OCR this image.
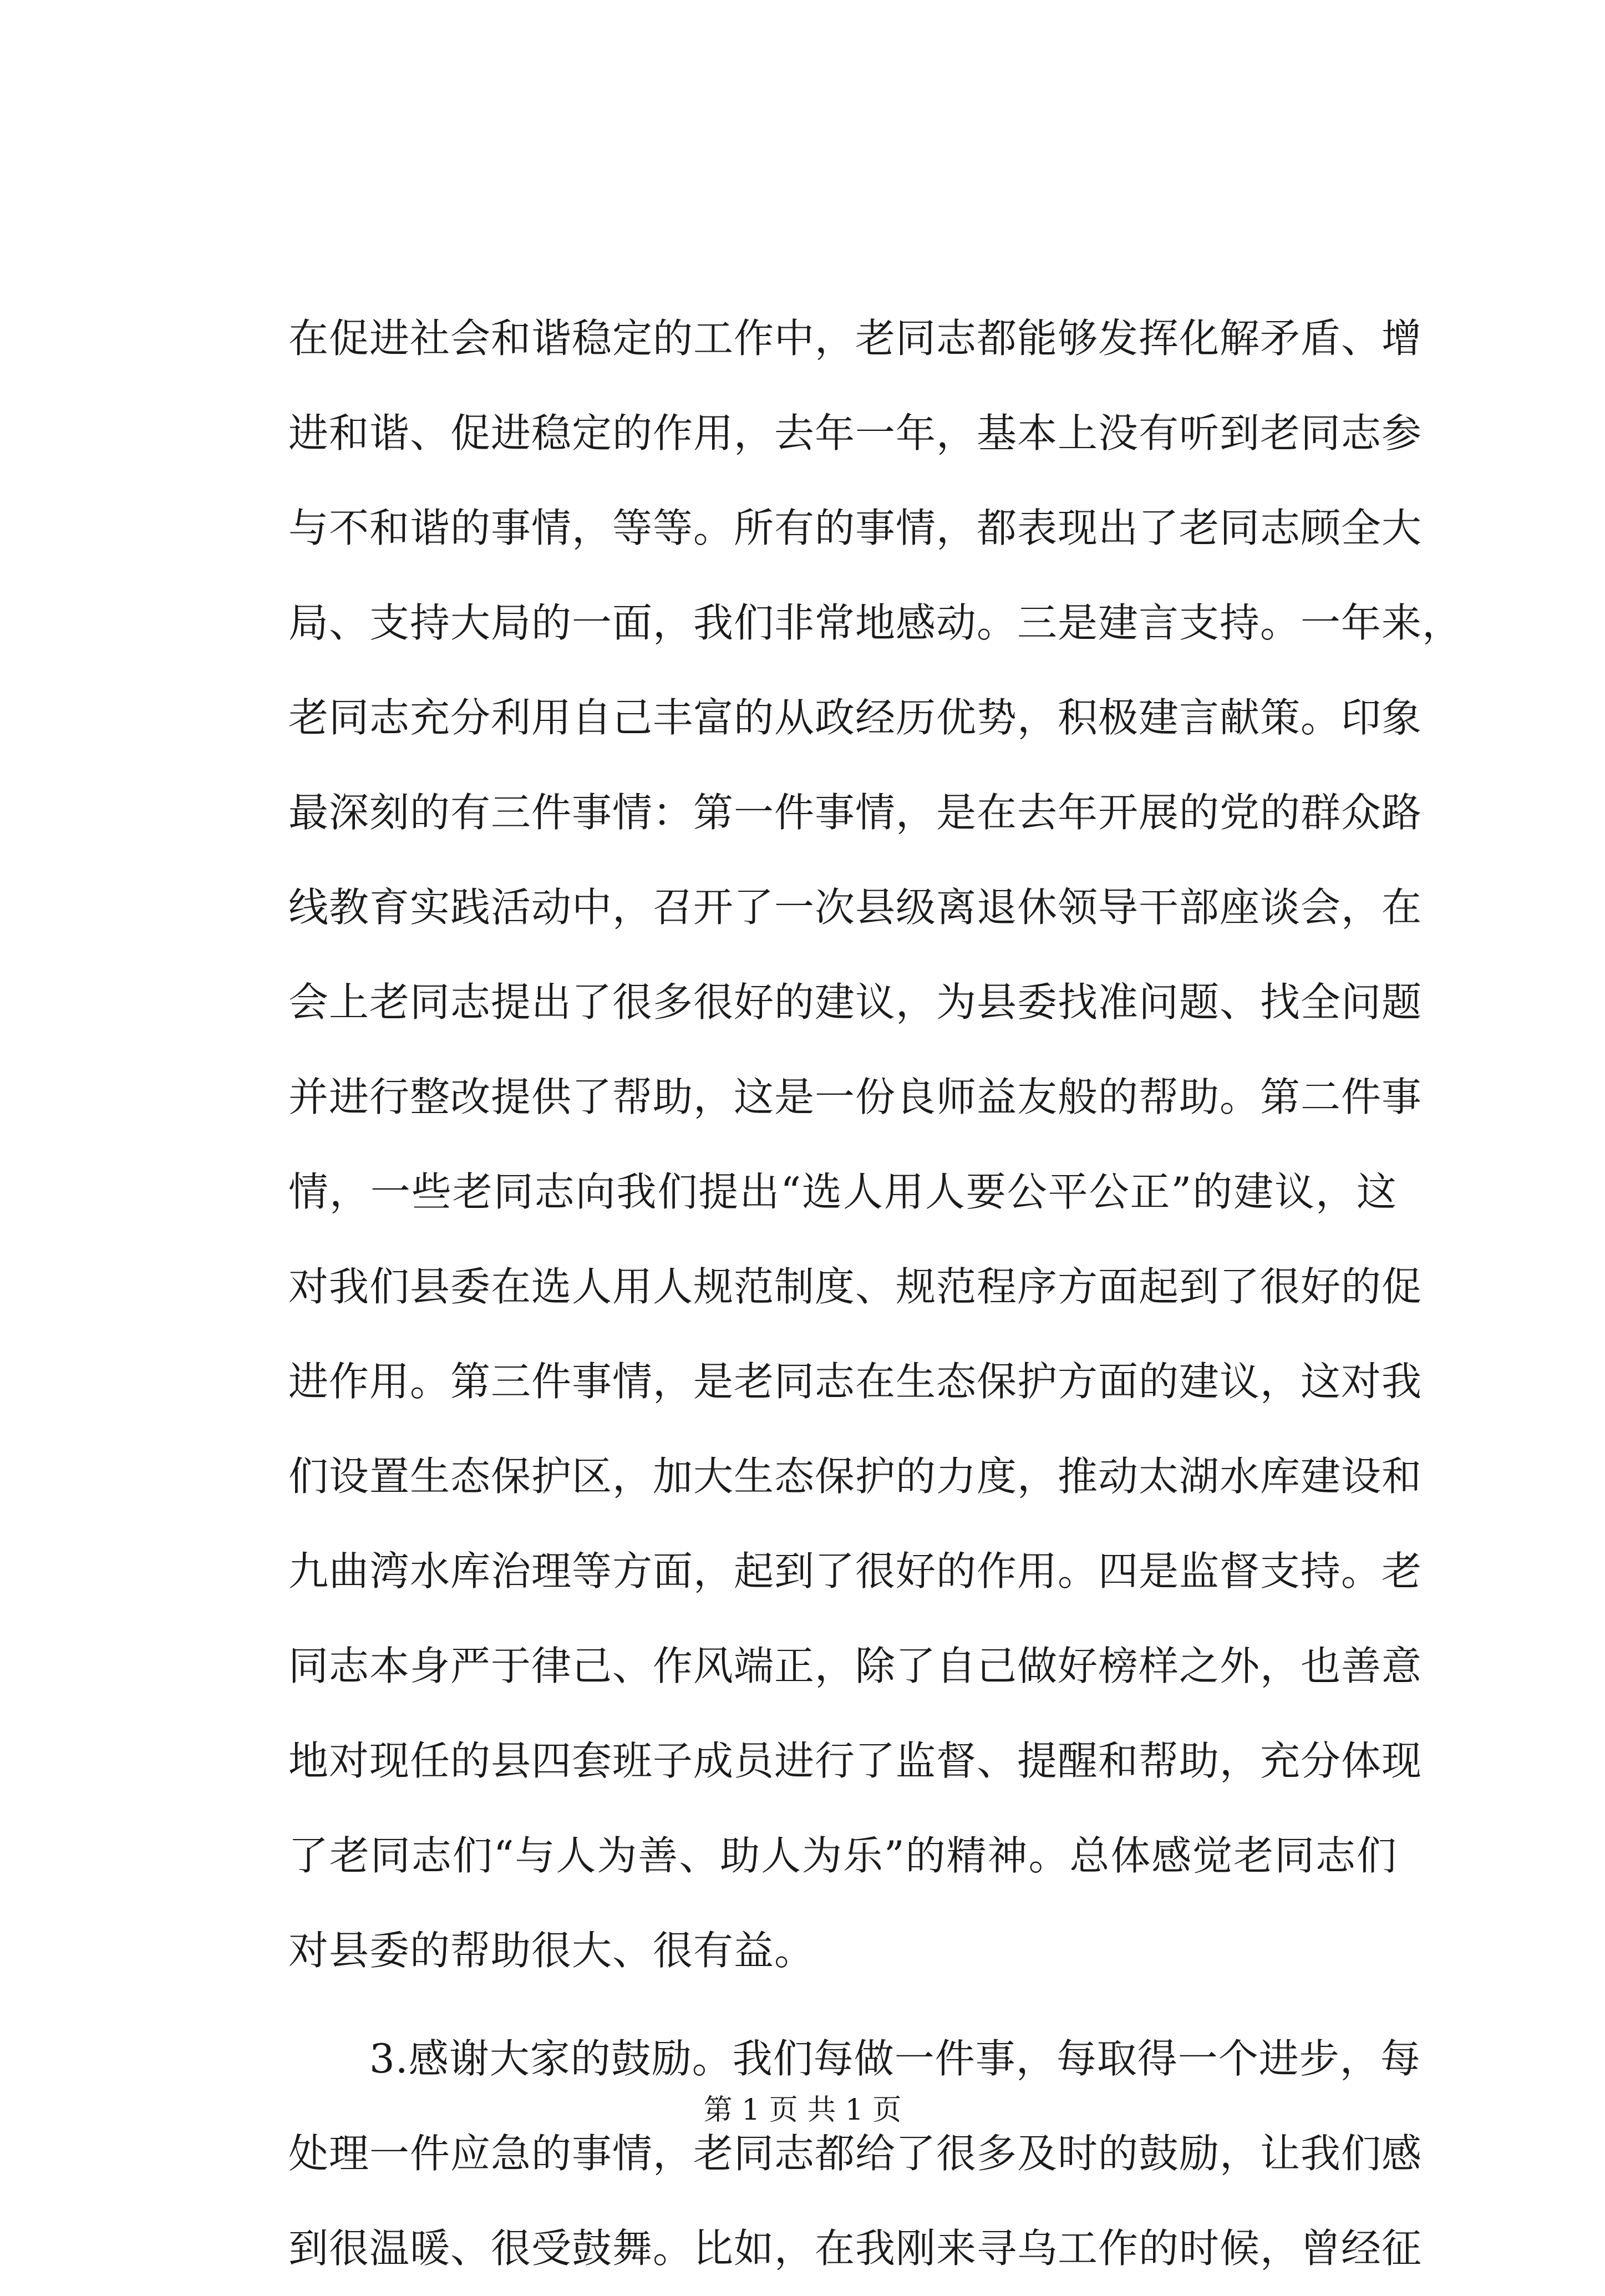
在促进社会和谐稳定的工作中，老同志都能够发挥化解矛盾、增
进和谐、促进稳定的作用，去年一年，基本上没有听到老同志参
与不和谐的事情，等等。所有的事情，都表现出了老同志顾全大
局、支持大局的一面，我们非常地感动。三是建言支持。一年来，
老同志充分利用自己丰富的从政经历优势，积极建言献策。印象
最深刻的有三件事情：第一件事情，是在去年开展的党的群众路
线教育实践活动中，召开了一次县级离退休领导干部座谈会，在
会上老同志提出了很多很好的建议，为县委找准问题、找全问题
并进行整改提供了帮助，这是一份良师益友般的帮助。第二件事
情，一些老同志向我们提出“选人用人要公平公正”的建议，这
对我们县委在选人用人规范制度、规范程序方面起到了很好的促
进作用。第三件事情，是老同志在生态保护方面的建议，这对我
们设置生态保护区，加大生态保护的力度，推动太湖水库建设和
九曲湾水库治理等方面，起到了很好的作用。四是监督支持。老
同志本身严于律己、作风端正，除了自己做好榜样之外，也善意
地对现任的县四套班子成员进行了监督、提醒和帮助，充分体现
了老同志们“与人为善、助人为乐”的精神。总体感觉老同志们
对县委的帮助很大、很有益。
　　3.感谢大家的鼓励。我们每做一件事，每取得一个进步，每
处理一件应急的事情，老同志都给了很多及时的鼓励，让我们感
到很温暖、很受鼓舞。比如，在我刚来寻乌工作的时候，曾经征
第 1 页 共 1 页
